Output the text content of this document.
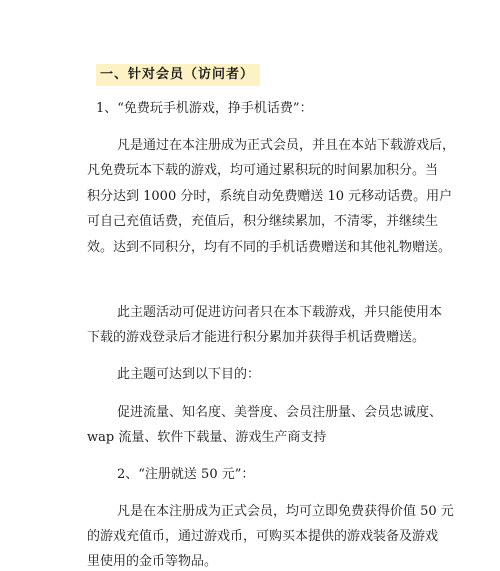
一、针对会员（访问者）
1、“免费玩手机游戏，挣手机话费”：
凡是通过在本注册成为正式会员，并且在本站下载游戏后，
凡免费玩本下载的游戏，均可通过累积玩的时间累加积分。当
积分达到 1000 分时，系统自动免费赠送 10 元移动话费。用户
可自己充值话费，充值后，积分继续累加，不清零，并继续生
效。达到不同积分，均有不同的手机话费赠送和其他礼物赠送。
此主题活动可促进访问者只在本下载游戏，并只能使用本
下载的游戏登录后才能进行积分累加并获得手机话费赠送。
此主题可达到以下目的：
促进流量、知名度、美誉度、会员注册量、会员忠诚度、
wap 流量、软件下载量、游戏生产商支持
2、“注册就送 50 元”：
凡是在本注册成为正式会员，均可立即免费获得价值 50 元
的游戏充值币，通过游戏币，可购买本提供的游戏装备及游戏
里使用的金币等物品。
